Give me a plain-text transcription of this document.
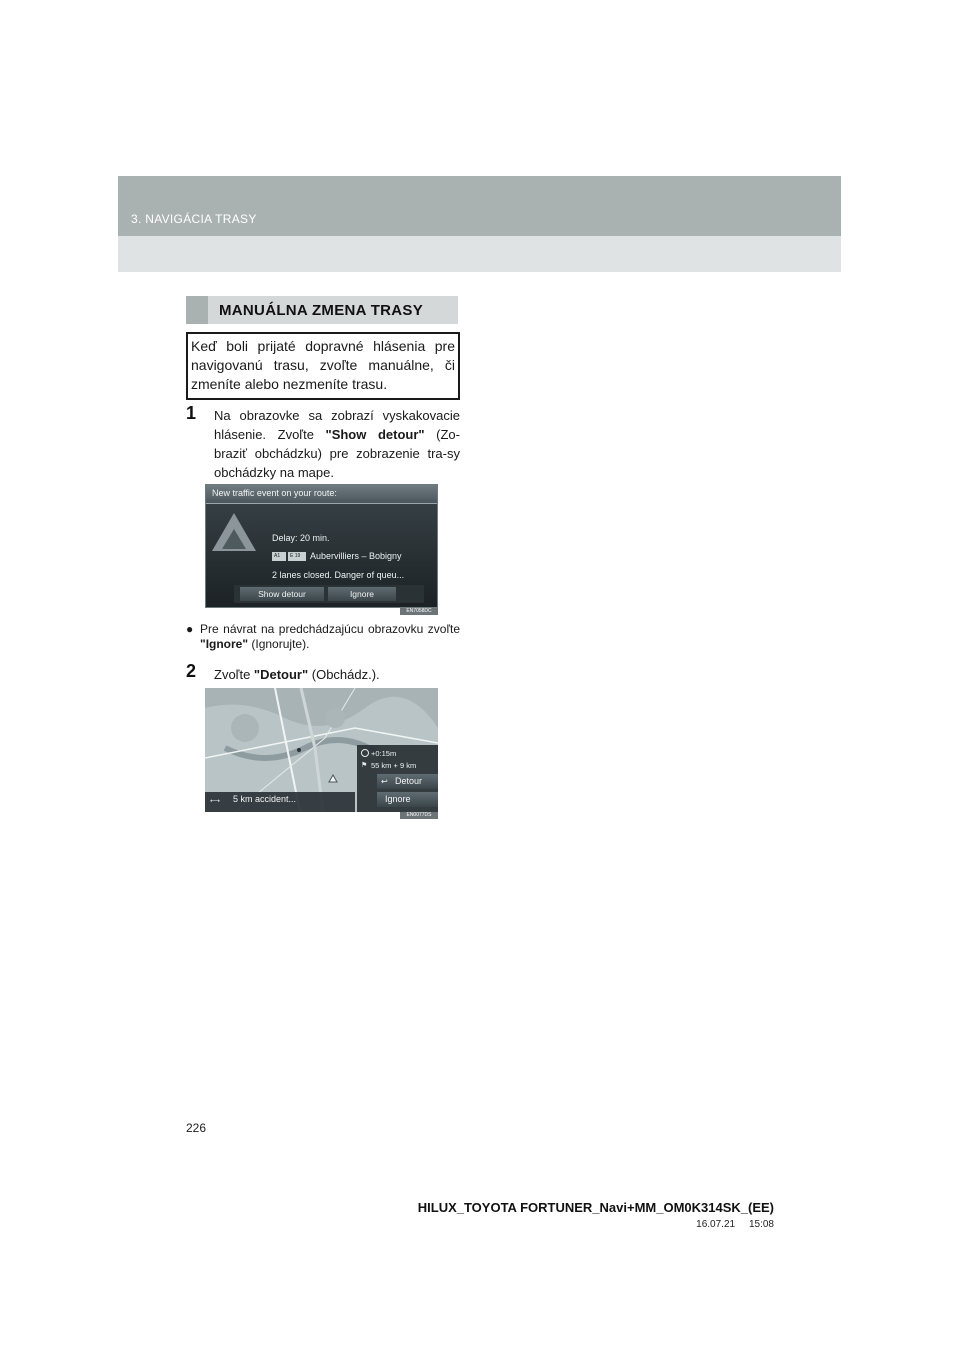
3. NAVIGÁCIA TRASY
MANUÁLNA ZMENA TRASY
Keď boli prijaté dopravné hlásenia pre navigovanú trasu, zvoľte manuálne, či zmeníte alebo nezmeníte trasu.
1 Na obrazovke sa zobrazí vyskakovacie hlásenie. Zvoľte "Show detour" (Zo-braziť obchádzku) pre zobrazenie tra-sy obchádzky na mape.
New traffic event on your route:
Delay: 20 min.
A1 E 19 Aubervilliers – Bobigny
2 lanes closed. Danger of queu...
Show detour	Ignore
EN7058DC
● Pre návrat na predchádzajúcu obrazovku zvoľte "Ignore" (Ignorujte).
2 Zvoľte "Detour" (Obchádz.).
+0:15m
⚑ 55 km + 9 km
↩ Detour
Ignore
⟷ 5 km accident...
EN0077DS
226
HILUX_TOYOTA FORTUNER_Navi+MM_OM0K314SK_(EE)
16.07.21     15:08
